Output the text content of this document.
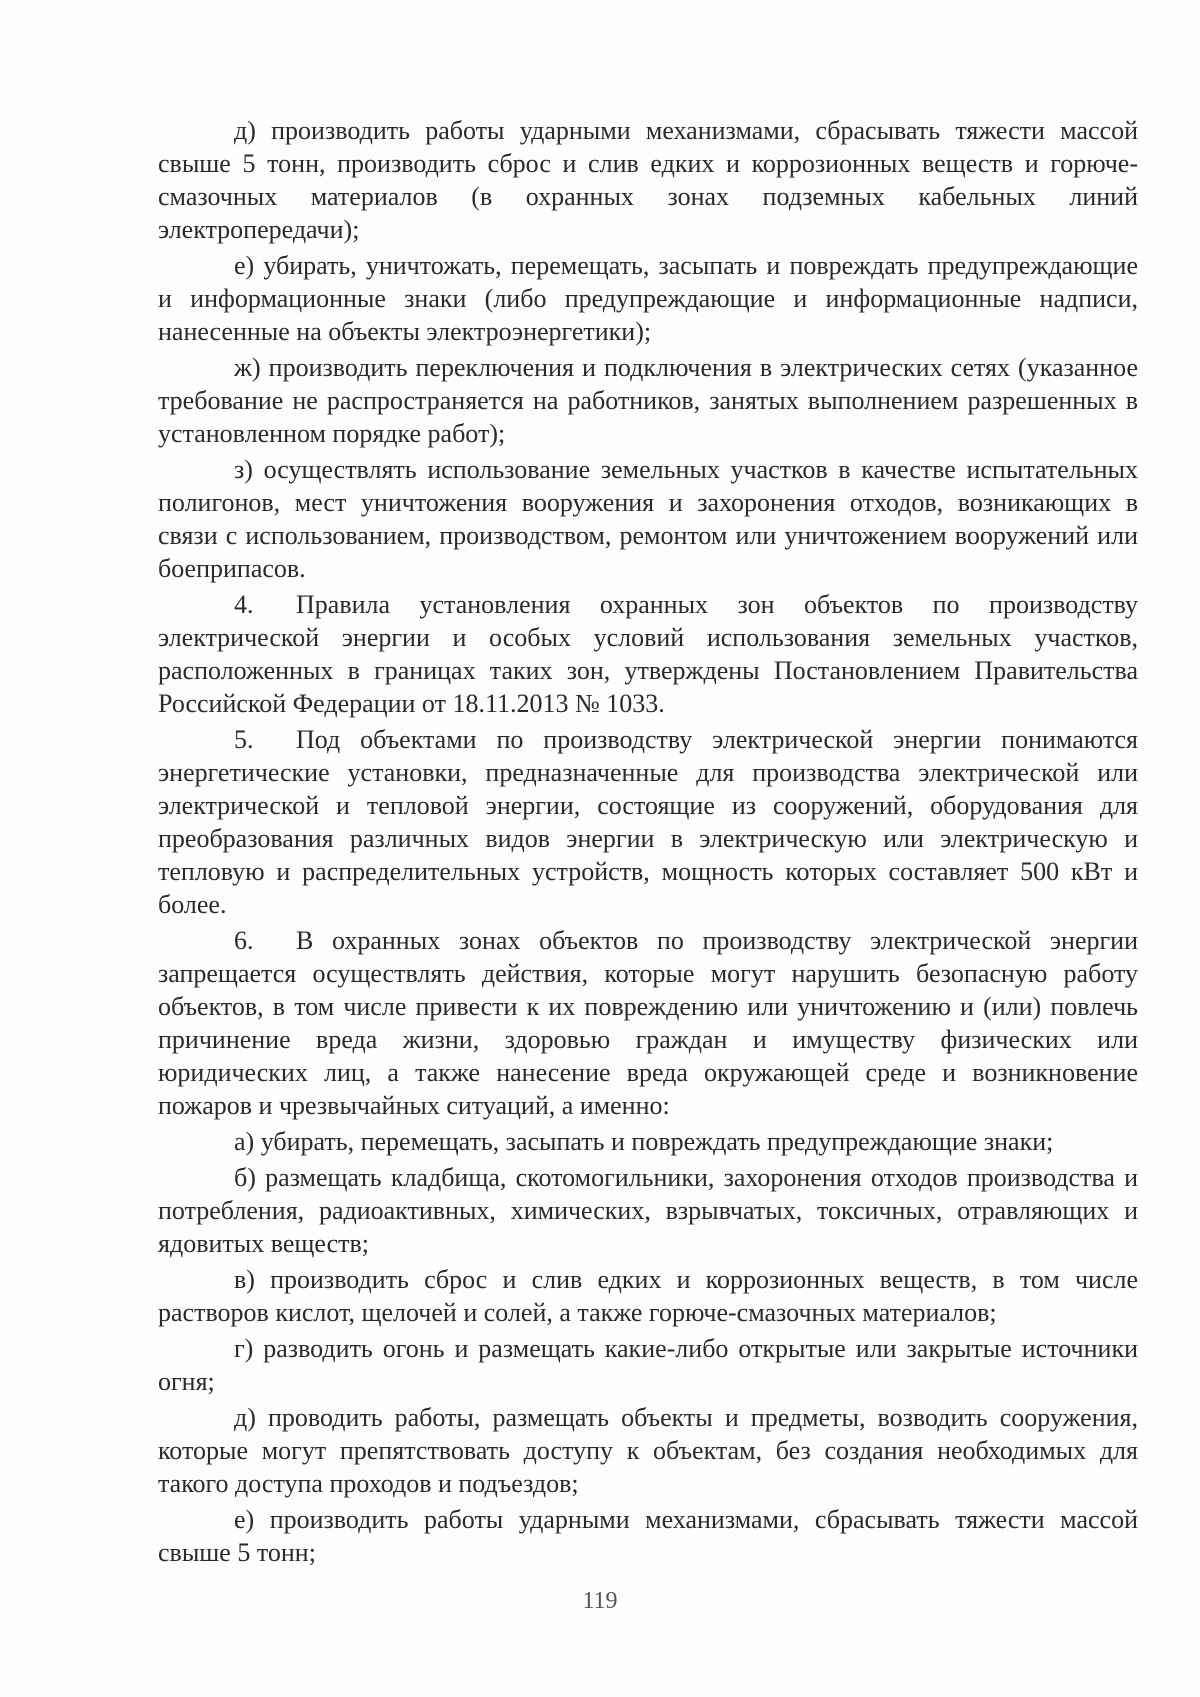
д) производить работы ударными механизмами, сбрасывать тяжести массой свыше 5 тонн, производить сброс и слив едких и коррозионных веществ и горюче-смазочных материалов (в охранных зонах подземных кабельных линий электропередачи);

е) убирать, уничтожать, перемещать, засыпать и повреждать предупреждающие и информационные знаки (либо предупреждающие и информационные надписи, нанесенные на объекты электроэнергетики);

ж) производить переключения и подключения в электрических сетях (указанное требование не распространяется на работников, занятых выполнением разрешенных в установленном порядке работ);

з) осуществлять использование земельных участков в качестве испытательных полигонов, мест уничтожения вооружения и захоронения отходов, возникающих в связи с использованием, производством, ремонтом или уничтожением вооружений или боеприпасов.

4. Правила установления охранных зон объектов по производству электрической энергии и особых условий использования земельных участков, расположенных в границах таких зон, утверждены Постановлением Правительства Российской Федерации от 18.11.2013 № 1033.

5. Под объектами по производству электрической энергии понимаются энергетические установки, предназначенные для производства электрической или электрической и тепловой энергии, состоящие из сооружений, оборудования для преобразования различных видов энергии в электрическую или электрическую и тепловую и распределительных устройств, мощность которых составляет 500 кВт и более.

6. В охранных зонах объектов по производству электрической энергии запрещается осуществлять действия, которые могут нарушить безопасную работу объектов, в том числе привести к их повреждению или уничтожению и (или) повлечь причинение вреда жизни, здоровью граждан и имуществу физических или юридических лиц, а также нанесение вреда окружающей среде и возникновение пожаров и чрезвычайных ситуаций, а именно:

а) убирать, перемещать, засыпать и повреждать предупреждающие знаки;

б) размещать кладбища, скотомогильники, захоронения отходов производства и потребления, радиоактивных, химических, взрывчатых, токсичных, отравляющих и ядовитых веществ;

в) производить сброс и слив едких и коррозионных веществ, в том числе растворов кислот, щелочей и солей, а также горюче-смазочных материалов;

г) разводить огонь и размещать какие-либо открытые или закрытые источники огня;

д) проводить работы, размещать объекты и предметы, возводить сооружения, которые могут препятствовать доступу к объектам, без создания необходимых для такого доступа проходов и подъездов;

е) производить работы ударными механизмами, сбрасывать тяжести массой свыше 5 тонн;

119
